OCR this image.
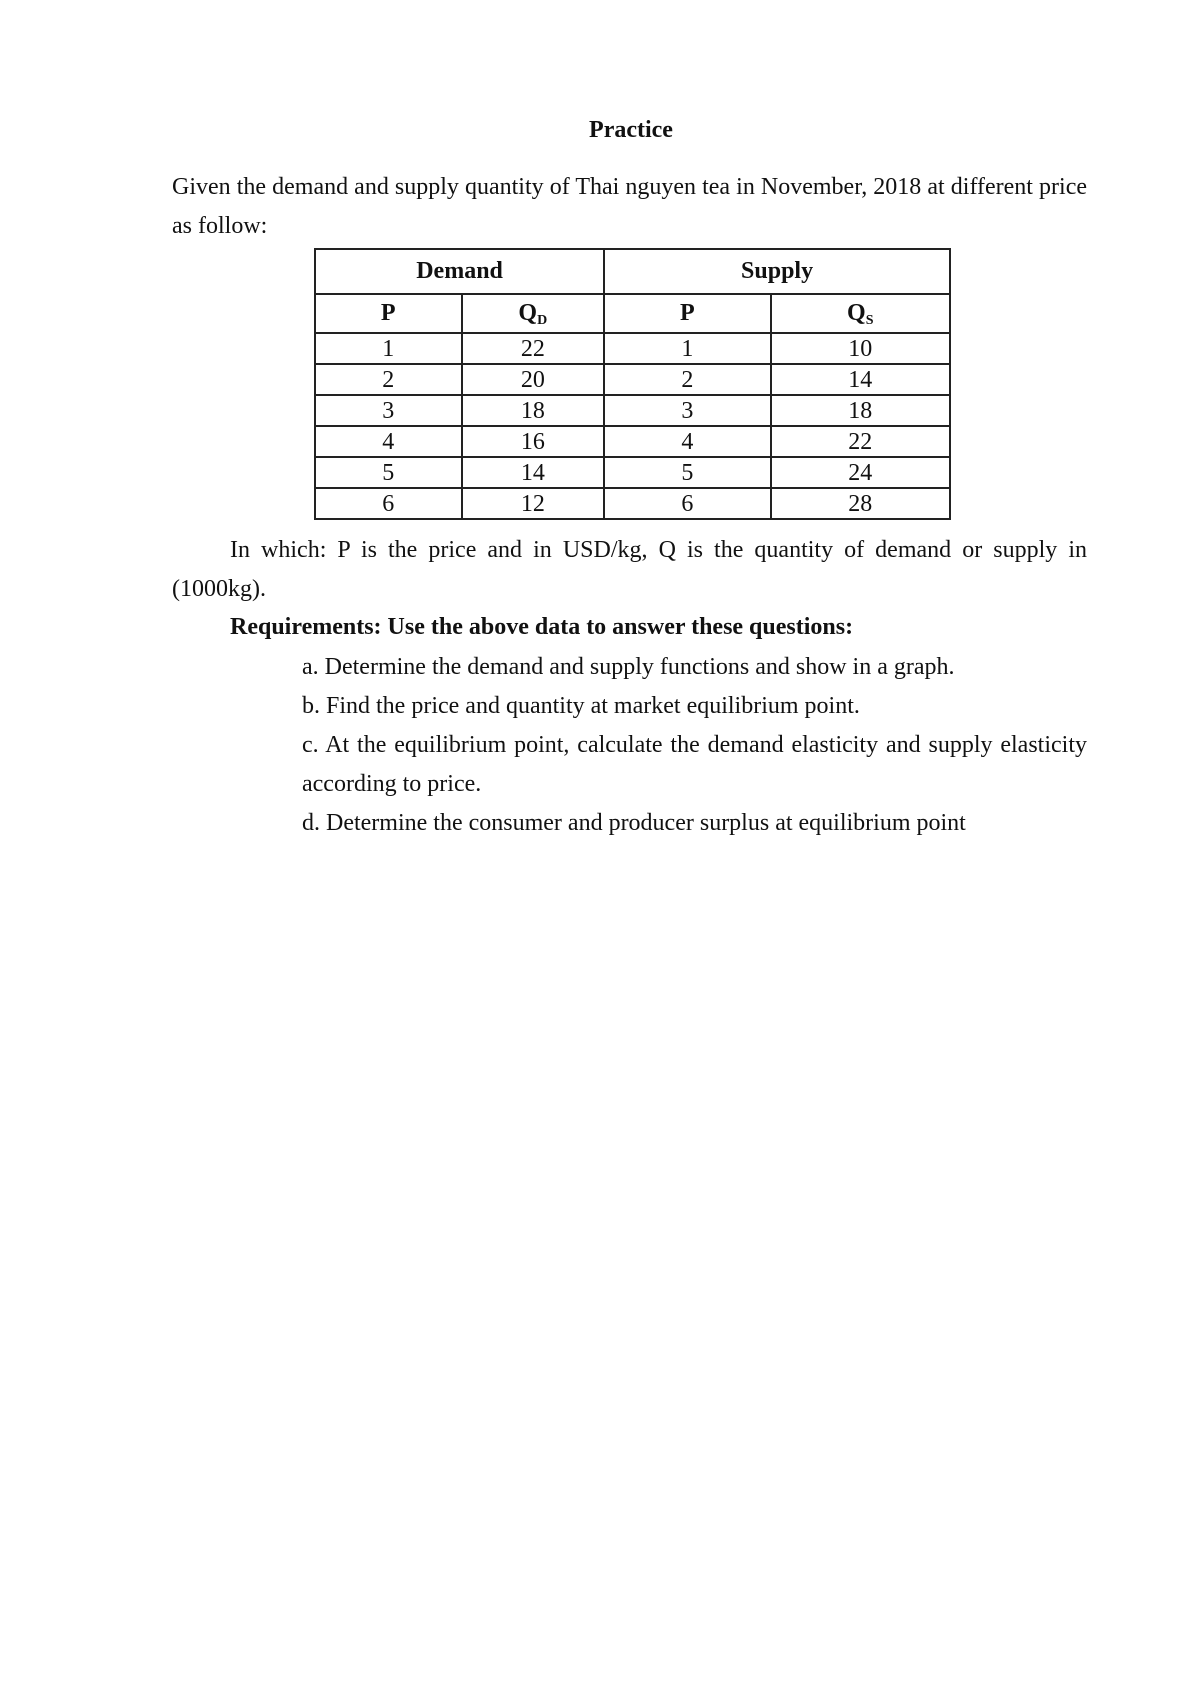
Practice
Given the demand and supply quantity of Thai nguyen tea in November, 2018 at different price as follow:
Demand		Supply	
P	QD	P	QS
1	22	1	10
2	20	2	14
3	18	3	18
4	16	4	22
5	14	5	24
6	12	6	28
In which: P is the price and in USD/kg, Q is the quantity of demand or supply in (1000kg).
Requirements: Use the above data to answer these questions:
a. Determine the demand and supply functions and show in a graph.
b. Find the price and quantity at market equilibrium point.
c. At the equilibrium point, calculate the demand elasticity and supply elasticity according to price.
d. Determine the consumer and producer surplus at equilibrium point
